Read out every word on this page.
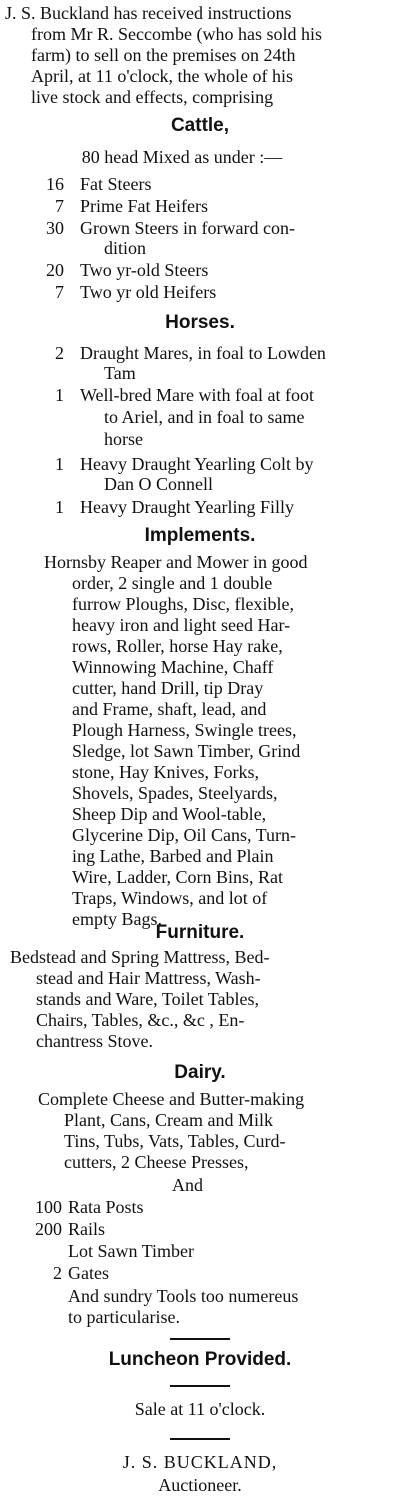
J. S. Buckland has received instructions
from Mr R. Seccombe (who has sold his
farm) to sell on the premises on 24th
April, at 11 o'clock, the whole of his
live stock and effects, comprising
Cattle,
80 head Mixed as under :—
16 Fat Steers
7 Prime Fat Heifers
30 Grown Steers in forward con-
dition
20 Two yr-old Steers
7 Two yr old Heifers
Horses.
2 Draught Mares, in foal to Lowden
Tam
1 Well-bred Mare with foal at foot
to Ariel, and in foal to same
horse
1 Heavy Draught Yearling Colt by
Dan O Connell
1 Heavy Draught Yearling Filly
Implements.
Hornsby Reaper and Mower in good
order, 2 single and 1 double
furrow Ploughs, Disc, flexible,
heavy iron and light seed Har-
rows, Roller, horse Hay rake,
Winnowing Machine, Chaff
cutter, hand Drill, tip Dray
and Frame, shaft, lead, and
Plough Harness, Swingle trees,
Sledge, lot Sawn Timber, Grind
stone, Hay Knives, Forks,
Shovels, Spades, Steelyards,
Sheep Dip and Wool-table,
Glycerine Dip, Oil Cans, Turn-
ing Lathe, Barbed and Plain
Wire, Ladder, Corn Bins, Rat
Traps, Windows, and lot of
empty Bags.
Furniture.
Bedstead and Spring Mattress, Bed-
stead and Hair Mattress, Wash-
stands and Ware, Toilet Tables,
Chairs, Tables, &c., &c , En-
chantress Stove.
Dairy.
Complete Cheese and Butter-making
Plant, Cans, Cream and Milk
Tins, Tubs, Vats, Tables, Curd-
cutters, 2 Cheese Presses,
And
100 Rata Posts
200 Rails
Lot Sawn Timber
2 Gates
And sundry Tools too numereus
to particularise.
Luncheon Provided.
Sale at 11 o'clock.
J. S. BUCKLAND,
Auctioneer.
